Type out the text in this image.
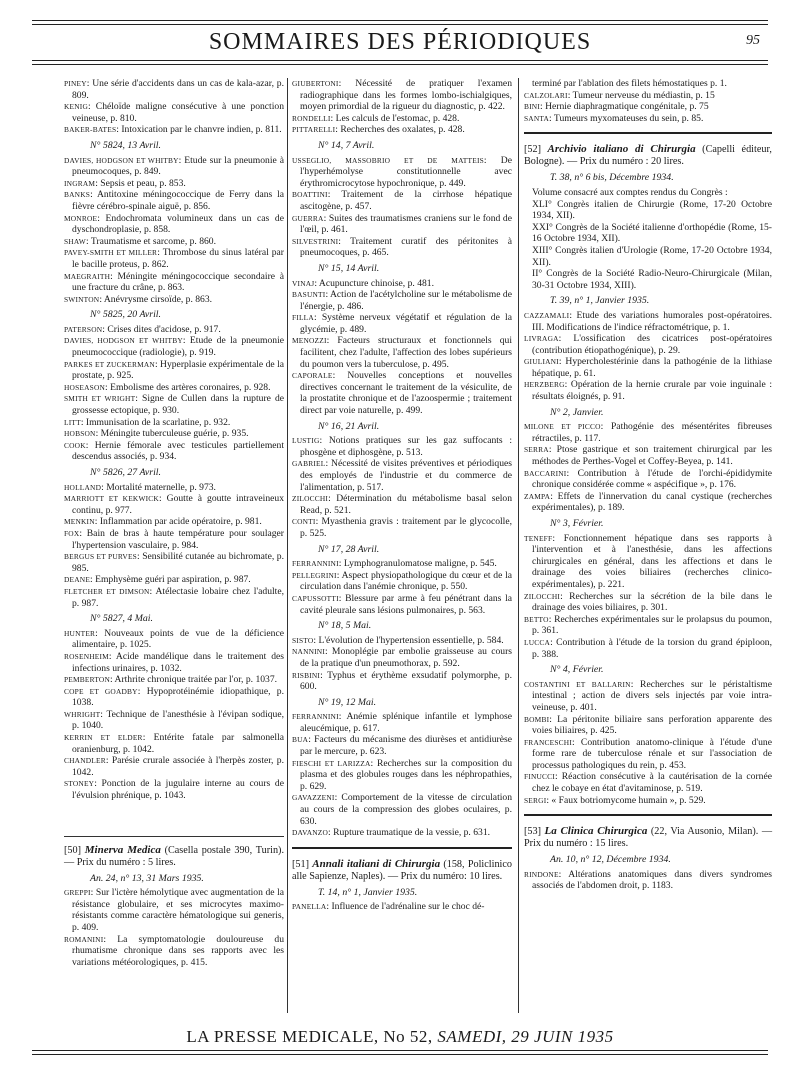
SOMMAIRES DES PÉRIODIQUES	95

PINEY: Une série d'accidents dans un cas de kala-azar, p. 809.

KENIG: Chéloïde maligne consécutive à une ponction veineuse, p. 810.

BAKER-BATES: Intoxication par le chanvre indien, p. 811.

N° 5824, 13 Avril.

DAVIES, HODGSON ET WHITBY: Etude sur la pneumonie à pneumocoques, p. 849.

INGRAM: Sepsis et peau, p. 853.

BANKS: Antitoxine méningococcique de Ferry dans la fièvre cérébro-spinale aiguë, p. 856.

MONROE: Endochromata volumineux dans un cas de dyschondroplasie, p. 858.

SHAW: Traumatisme et sarcome, p. 860.

PAVEY-SMITH ET MILLER: Thrombose du sinus latéral par le bacille proteus, p. 862.

MAEGRAITH: Méningite méningococcique secondaire à une fracture du crâne, p. 863.

SWINTON: Anévrysme cirsoïde, p. 863.

N° 5825, 20 Avril.

PATERSON: Crises dites d'acidose, p. 917.

DAVIES, HODGSON ET WHITBY: Etude de la pneumonie pneumococcique (radiologie), p. 919.

PARKES ET ZUCKERMAN: Hyperplasie expérimentale de la prostate, p. 925.

HOSEASON: Embolisme des artères coronaires, p. 928.

SMITH ET WRIGHT: Signe de Cullen dans la rupture de grossesse ectopique, p. 930.

LITT: Immunisation de la scarlatine, p. 932.

HOBSON: Méningite tuberculeuse guérie, p. 935.

COOK: Hernie fémorale avec testicules partiellement descendus associés, p. 934.

N° 5826, 27 Avril.

HOLLAND: Mortalité maternelle, p. 973.

MARRIOTT ET KEKWICK: Goutte à goutte intraveineux continu, p. 977.

MENKIN: Inflammation par acide opératoire, p. 981.

FOX: Bain de bras à haute température pour soulager l'hypertension vasculaire, p. 984.

BERGUS ET PURVES: Sensibilité cutanée au bichromate, p. 985.

DEANE: Emphysème guéri par aspiration, p. 987.

FLETCHER ET DIMSON: Atélectasie lobaire chez l'adulte, p. 987.

N° 5827, 4 Mai.

HUNTER: Nouveaux points de vue de la déficience alimentaire, p. 1025.

ROSENHEIM: Acide mandélique dans le traitement des infections urinaires, p. 1032.

PEMBERTON: Arthrite chronique traitée par l'or, p. 1037.

COPE ET GOADBY: Hypoprotéinémie idiopathique, p. 1038.

WHRIGHT: Technique de l'anesthésie à l'évipan sodique, p. 1040.

KERRIN ET ELDER: Entérite fatale par salmonella oranienburg, p. 1042.

CHANDLER: Parésie crurale associée à l'herpès zoster, p. 1042.

STONEY: Ponction de la jugulaire interne au cours de l'évulsion phrénique, p. 1043.

[50] Minerva Medica (Casella postale 390, Turin). — Prix du numéro : 5 lires.

An. 24, n° 13, 31 Mars 1935.

GREPPI: Sur l'ictère hémolytique avec augmentation de la résistance globulaire, et ses microcytes maximo-résistants comme caractère hématologique sui generis, p. 409.

ROMANINI: La symptomatologie douloureuse du rhumatisme chronique dans ses rapports avec les variations météorologiques, p. 415.

GIUBERTONI: Nécessité de pratiquer l'examen radiographique dans les formes lombo-ischialgiques, moyen primordial de la rigueur du diagnostic, p. 422.

RONDELLI: Les calculs de l'estomac, p. 428.

PITTARELLI: Recherches des oxalates, p. 428.

N° 14, 7 Avril.

USSEGLIO, MASSOBRIO ET DE MATTEIS: De l'hyperhémolyse constitutionnelle avec érythromicrocytose hypochronique, p. 449.

BOATTINI: Traitement de la cirrhose hépatique ascitogène, p. 457.

GUERRA: Suites des traumatismes craniens sur le fond de l'œil, p. 461.

SILVESTRINI: Traitement curatif des péritonites à pneumocoques, p. 465.

N° 15, 14 Avril.

VINAJ: Acupuncture chinoise, p. 481.

BASUNTI: Action de l'acétylcholine sur le métabolisme de l'énergie, p. 486.

FILLA: Système nerveux végétatif et régulation de la glycémie, p. 489.

MENOZZI: Facteurs structuraux et fonctionnels qui facilitent, chez l'adulte, l'affection des lobes supérieurs du poumon vers la tuberculose, p. 495.

CAPORALE: Nouvelles conceptions et nouvelles directives concernant le traitement de la vésiculite, de la prostatite chronique et de l'azoospermie ; traitement direct par voie naturelle, p. 499.

N° 16, 21 Avril.

LUSTIG: Notions pratiques sur les gaz suffocants : phosgène et diphosgène, p. 513.

GABRIEL: Nécessité de visites préventives et périodiques des employés de l'industrie et du commerce de l'alimentation, p. 517.

ZILOCCHI: Détermination du métabolisme basal selon Read, p. 521.

CONTI: Myasthenia gravis : traitement par le glycocolle, p. 525.

N° 17, 28 Avril.

FERRANNINI: Lymphogranulomatose maligne, p. 545.

PELLEGRINI: Aspect physiopathologique du cœur et de la circulation dans l'anémie chronique, p. 550.

CAPUSSOTTI: Blessure par arme à feu pénétrant dans la cavité pleurale sans lésions pulmonaires, p. 563.

N° 18, 5 Mai.

SISTO: L'évolution de l'hypertension essentielle, p. 584.

NANNINI: Monoplégie par embolie graisseuse au cours de la pratique d'un pneumothorax, p. 592.

RISBINI: Typhus et érythème exsudatif polymorphe, p. 600.

N° 19, 12 Mai.

FERRANNINI: Anémie splénique infantile et lymphose aleucémique, p. 617.

BUA: Facteurs du mécanisme des diurèses et antidiurèse par le mercure, p. 623.

FIESCHI ET LARIZZA: Recherches sur la composition du plasma et des globules rouges dans les néphropathies, p. 629.

GAVAZZENI: Comportement de la vitesse de circulation au cours de la compression des globes oculaires, p. 630.

DAVANZO: Rupture traumatique de la vessie, p. 631.

[51] Annali italiani di Chirurgia (158, Policlinico alle Sapienze, Naples). — Prix du numéro: 10 lires.

T. 14, n° 1, Janvier 1935.

PANELLA: Influence de l'adrénaline sur le choc dé-

terminé par l'ablation des filets hémostatiques p. 1.

CALZOLARI: Tumeur nerveuse du médiastin, p. 15

BINI: Hernie diaphragmatique congénitale, p. 75

SANTA: Tumeurs myxomateuses du sein, p. 85.

[52] Archivio italiano di Chirurgia (Capelli éditeur, Bologne). — Prix du numéro : 20 lires.

T. 38, n° 6 bis, Décembre 1934.

Volume consacré aux comptes rendus du Congrès :

XLI° Congrès italien de Chirurgie (Rome, 17-20 Octobre 1934, XII).

XXI° Congrès de la Société italienne d'orthopédie (Rome, 15-16 Octobre 1934, XII).

XIII° Congrès italien d'Urologie (Rome, 17-20 Octobre 1934, XII).

II° Congrès de la Société Radio-Neuro-Chirurgicale (Milan, 30-31 Octobre 1934, XIII).

T. 39, n° 1, Janvier 1935.

CAZZAMALI: Etude des variations humorales post-opératoires. III. Modifications de l'indice réfractométrique, p. 1.

LIVRAGA: L'ossification des cicatrices post-opératoires (contribution étiopathogénique), p. 29.

GIULIANI: Hypercholestérinie dans la pathogénie de la lithiase hépatique, p. 61.

HERZBERG: Opération de la hernie crurale par voie inguinale : résultats éloignés, p. 91.

N° 2, Janvier.

MILONE ET PICCO: Pathogénie des mésentérites fibreuses rétractiles, p. 117.

SERRA: Ptose gastrique et son traitement chirurgical par les méthodes de Perthes-Vogel et Coffey-Beyea, p. 141.

BACCARINI: Contribution à l'étude de l'orchi-épididymite chronique considérée comme « aspécifique », p. 176.

ZAMPA: Effets de l'innervation du canal cystique (recherches expérimentales), p. 189.

N° 3, Février.

TENEFF: Fonctionnement hépatique dans ses rapports à l'intervention et à l'anesthésie, dans les affections chirurgicales en général, dans les affections et dans le drainage des voies biliaires (recherches clinico-expérimentales), p. 221.

ZILOCCHI: Recherches sur la sécrétion de la bile dans le drainage des voies biliaires, p. 301.

BETTO: Recherches expérimentales sur le prolapsus du poumon, p. 361.

LUCCA: Contribution à l'étude de la torsion du grand épiploon, p. 388.

N° 4, Février.

COSTANTINI ET BALLARIN: Recherches sur le péristaltisme intestinal ; action de divers sels injectés par voie intra-veineuse, p. 401.

BOMBI: La péritonite biliaire sans perforation apparente des voies biliaires, p. 425.

FRANCESCHI: Contribution anatomo-clinique à l'étude d'une forme rare de tuberculose rénale et sur l'association de processus pathologiques du rein, p. 453.

FINUCCI: Réaction consécutive à la cautérisation de la cornée chez le cobaye en état d'avitaminose, p. 519.

SERGI: « Faux botriomycome humain », p. 529.

[53] La Clinica Chirurgica (22, Via Ausonio, Milan). — Prix du numéro : 15 lires.

An. 10, n° 12, Décembre 1934.

RINDONE: Altérations anatomiques dans divers syndromes associés de l'abdomen droit, p. 1183.

LA PRESSE MEDICALE, No 52, SAMEDI, 29 JUIN 1935
